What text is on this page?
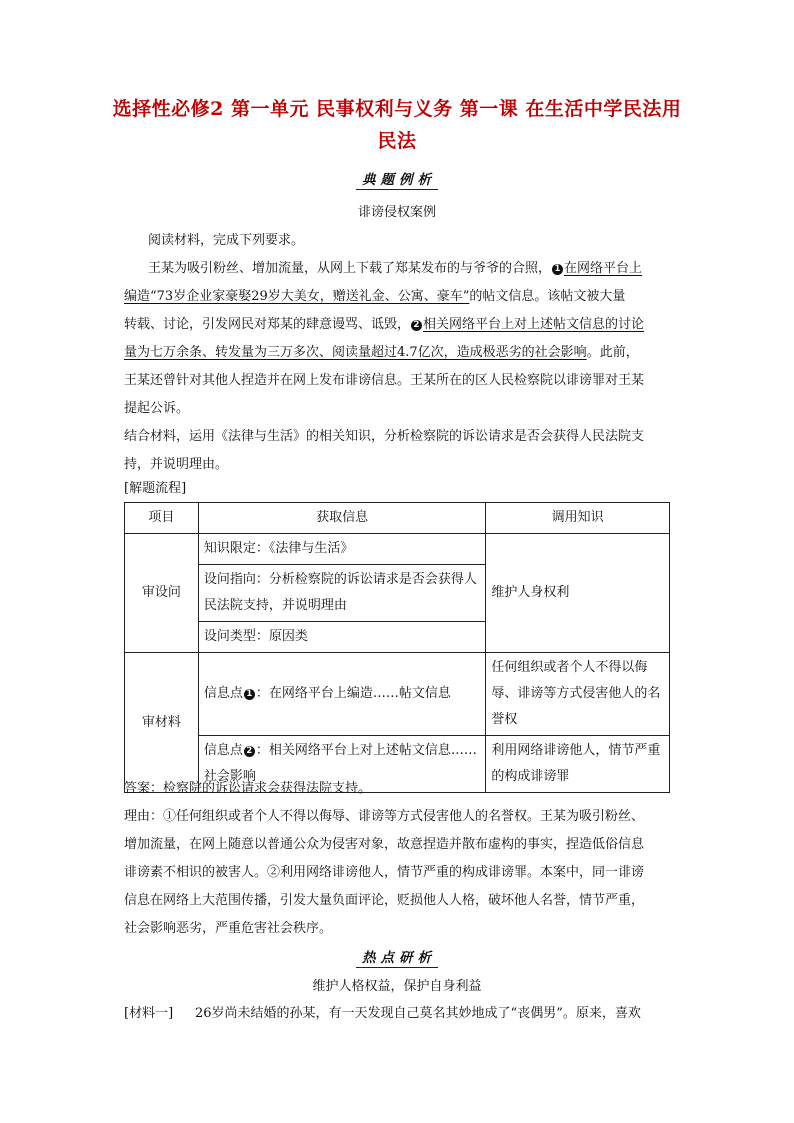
选择性必修2 第一单元 民事权利与义务 第一课 在生活中学民法用
民法
典题例析
诽谤侵权案例
阅读材料，完成下列要求。
王某为吸引粉丝、增加流量，从网上下载了郑某发布的与爷爷的合照， 1 在网络平台上
编造“73岁企业家豪娶29岁大美女，赠送礼金、公寓、豪车”的帖文信息。该帖文被大量
转载、讨论，引发网民对郑某的肆意谩骂、诋毁， 2 相关网络平台上对上述帖文信息的讨论
量为七万余条、转发量为三万多次、阅读量超过4.7亿次，造成极恶劣的社会影响。此前，
王某还曾针对其他人捏造并在网上发布诽谤信息。王某所在的区人民检察院以诽谤罪对王某
提起公诉。
结合材料，运用《法律与生活》的相关知识，分析检察院的诉讼请求是否会获得人民法院支
持，并说明理由。
[解题流程]
项目	获取信息	调用知识
审设问	知识限定：《法律与生活》	维护人身权利
	设问指向：分析检察院的诉讼请求是否会获得人民法院支持，并说明理由	
	设问类型：原因类	
审材料	信息点 1 ：在网络平台上编造……帖文信息	任何组织或者个人不得以侮辱、诽谤等方式侵害他人的名誉权
	信息点 2 ：相关网络平台上对上述帖文信息……社会影响	利用网络诽谤他人，情节严重的构成诽谤罪
答案：检察院的诉讼请求会获得法院支持。
理由：①任何组织或者个人不得以侮辱、诽谤等方式侵害他人的名誉权。王某为吸引粉丝、
增加流量，在网上随意以普通公众为侵害对象，故意捏造并散布虚构的事实，捏造低俗信息
诽谤素不相识的被害人。②利用网络诽谤他人，情节严重的构成诽谤罪。本案中，同一诽谤
信息在网络上大范围传播，引发大量负面评论，贬损他人人格，破坏他人名誉，情节严重，
社会影响恶劣，严重危害社会秩序。
热点研析
维护人格权益，保护自身利益
[材料一] 26岁尚未结婚的孙某，有一天发现自己莫名其妙地成了“丧偶男”。原来，喜欢
